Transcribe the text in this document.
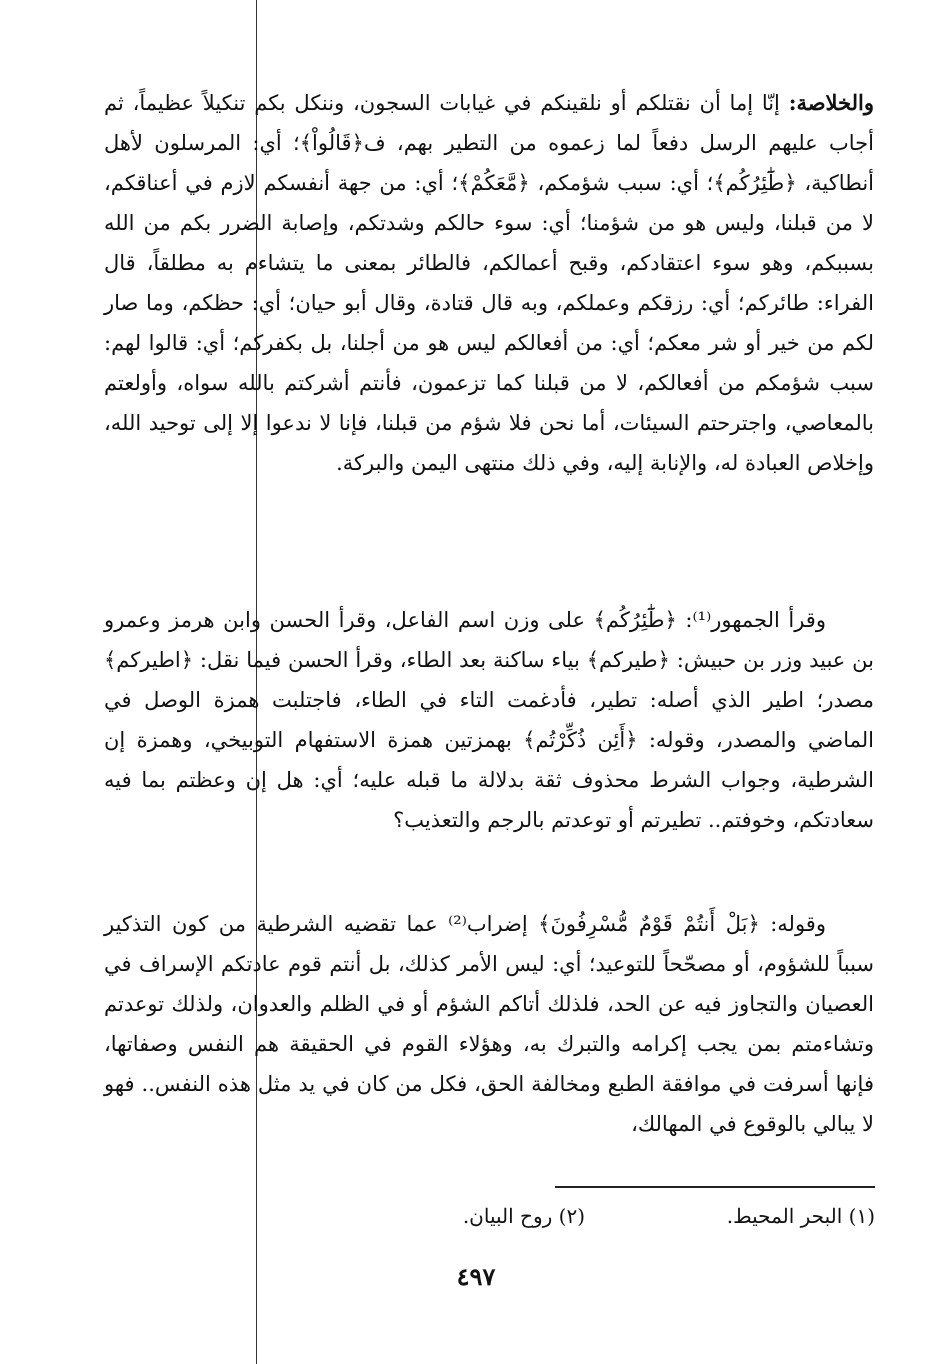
والخلاصة: إنّا إما أن نقتلكم أو نلقينكم في غيابات السجون، وننكل بكم تنكيلاً عظيماً، ثم أجاب عليهم الرسل دفعاً لما زعموه من التطير بهم، ف﴿قَالُواْ﴾؛ أي: المرسلون لأهل أنطاكية، ﴿طَٰٓئِرُكُم﴾؛ أي: سبب شؤمكم، ﴿مَّعَكُمْ﴾؛ أي: من جهة أنفسكم لازم في أعناقكم، لا من قبلنا، وليس هو من شؤمنا؛ أي: سوء حالكم وشدتكم، وإصابة الضرر بكم من الله بسببكم، وهو سوء اعتقادكم، وقبح أعمالكم، فالطائر بمعنى ما يتشاءم به مطلقاً، قال الفراء: طائركم؛ أي: رزقكم وعملكم، وبه قال قتادة، وقال أبو حيان؛ أي: حظكم، وما صار لكم من خير أو شر معكم؛ أي: من أفعالكم ليس هو من أجلنا، بل بكفركم؛ أي: قالوا لهم: سبب شؤمكم من أفعالكم، لا من قبلنا كما تزعمون، فأنتم أشركتم بالله سواه، وأولعتم بالمعاصي، واجترحتم السيئات، أما نحن فلا شؤم من قبلنا، فإنا لا ندعوا إلا إلى توحيد الله، وإخلاص العبادة له، والإنابة إليه، وفي ذلك منتهى اليمن والبركة.

وقرأ الجمهور⁽¹⁾: ﴿طَٰٓئِرُكُم﴾ على وزن اسم الفاعل، وقرأ الحسن وابن هرمز وعمرو بن عبيد وزر بن حبيش: ﴿طيركم﴾ بياء ساكنة بعد الطاء، وقرأ الحسن فيما نقل: ﴿اطيركم﴾ مصدر؛ اطير الذي أصله: تطير، فأدغمت التاء في الطاء، فاجتلبت همزة الوصل في الماضي والمصدر، وقوله: ﴿أَئِن ذُكِّرْتُم﴾ بهمزتين همزة الاستفهام التوبيخي، وهمزة إن الشرطية، وجواب الشرط محذوف ثقة بدلالة ما قبله عليه؛ أي: هل إن وعظتم بما فيه سعادتكم، وخوفتم.. تطيرتم أو توعدتم بالرجم والتعذيب؟

وقوله: ﴿بَلْ أَنتُمْ قَوْمٌ مُّسْرِفُونَ﴾ إضراب⁽²⁾ عما تقضيه الشرطية من كون التذكير سبباً للشؤوم، أو مصحّحاً للتوعيد؛ أي: ليس الأمر كذلك، بل أنتم قوم عادتكم الإسراف في العصيان والتجاوز فيه عن الحد، فلذلك أتاكم الشؤم أو في الظلم والعدوان، ولذلك توعدتم وتشاءمتم بمن يجب إكرامه والتبرك به، وهؤلاء القوم في الحقيقة هم النفس وصفاتها، فإنها أسرفت في موافقة الطبع ومخالفة الحق، فكل من كان في يد مثل هذه النفس.. فهو لا يبالي بالوقوع في المهالك،

(١) البحر المحيط.
(٢) روح البيان.
٤٩٧
